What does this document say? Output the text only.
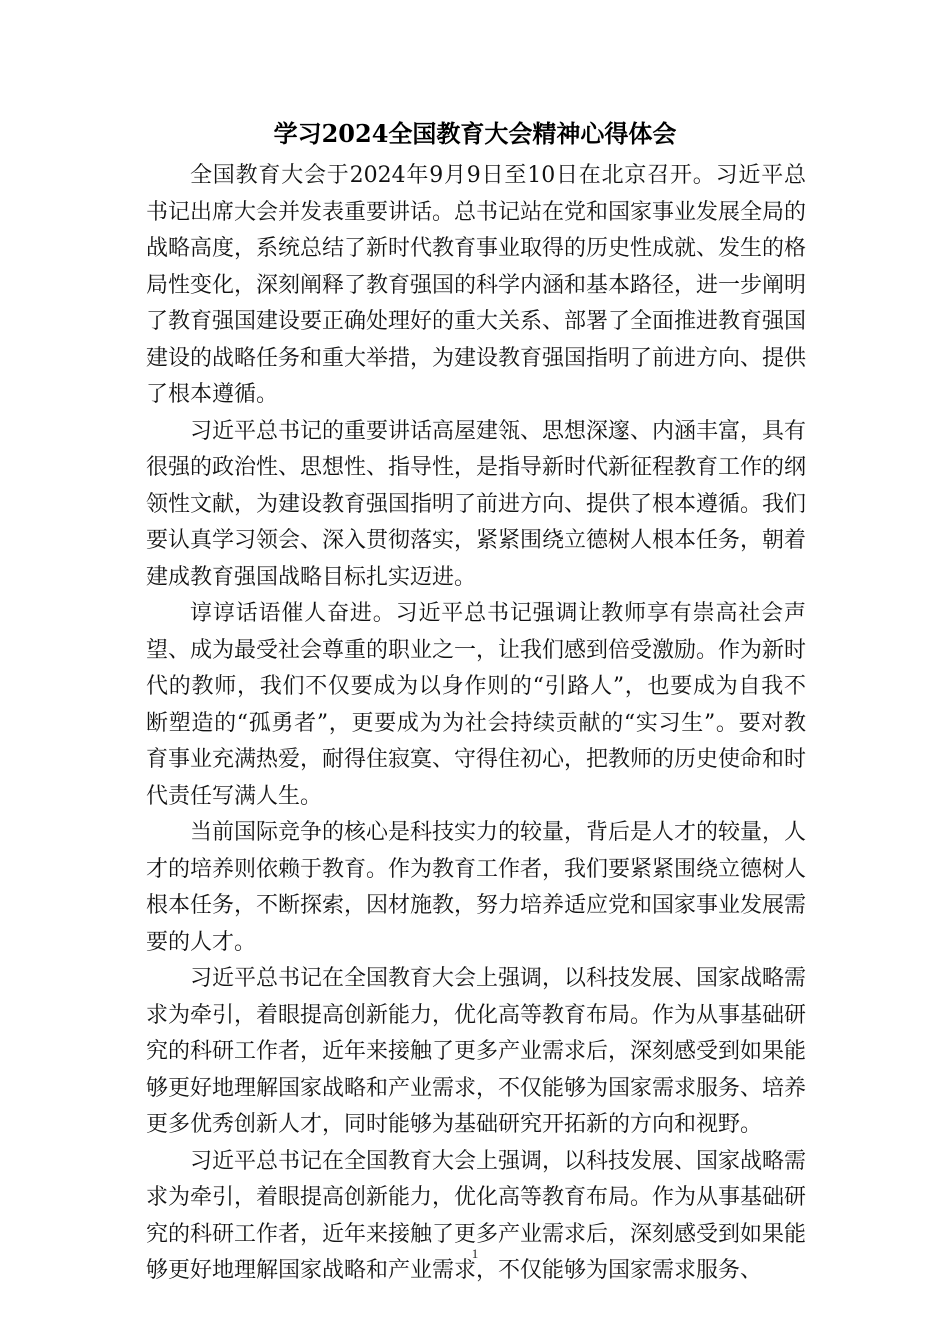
学习2024全国教育大会精神心得体会

全国教育大会于2024年9月9日至10日在北京召开。习近平总书记出席大会并发表重要讲话。总书记站在党和国家事业发展全局的战略高度，系统总结了新时代教育事业取得的历史性成就、发生的格局性变化，深刻阐释了教育强国的科学内涵和基本路径，进一步阐明了教育强国建设要正确处理好的重大关系、部署了全面推进教育强国建设的战略任务和重大举措，为建设教育强国指明了前进方向、提供了根本遵循。

习近平总书记的重要讲话高屋建瓴、思想深邃、内涵丰富，具有很强的政治性、思想性、指导性，是指导新时代新征程教育工作的纲领性文献，为建设教育强国指明了前进方向、提供了根本遵循。我们要认真学习领会、深入贯彻落实，紧紧围绕立德树人根本任务，朝着建成教育强国战略目标扎实迈进。

谆谆话语催人奋进。习近平总书记强调让教师享有崇高社会声望、成为最受社会尊重的职业之一，让我们感到倍受激励。作为新时代的教师，我们不仅要成为以身作则的“引路人”，也要成为自我不断塑造的“孤勇者”，更要成为为社会持续贡献的“实习生”。要对教育事业充满热爱，耐得住寂寞、守得住初心，把教师的历史使命和时代责任写满人生。

当前国际竞争的核心是科技实力的较量，背后是人才的较量，人才的培养则依赖于教育。作为教育工作者，我们要紧紧围绕立德树人根本任务，不断探索，因材施教，努力培养适应党和国家事业发展需要的人才。

习近平总书记在全国教育大会上强调，以科技发展、国家战略需求为牵引，着眼提高创新能力，优化高等教育布局。作为从事基础研究的科研工作者，近年来接触了更多产业需求后，深刻感受到如果能够更好地理解国家战略和产业需求，不仅能够为国家需求服务、培养更多优秀创新人才，同时能够为基础研究开拓新的方向和视野。

习近平总书记在全国教育大会上强调，以科技发展、国家战略需求为牵引，着眼提高创新能力，优化高等教育布局。作为从事基础研究的科研工作者，近年来接触了更多产业需求后，深刻感受到如果能够更好地理解国家战略和产业需求，不仅能够为国家需求服务、

1
